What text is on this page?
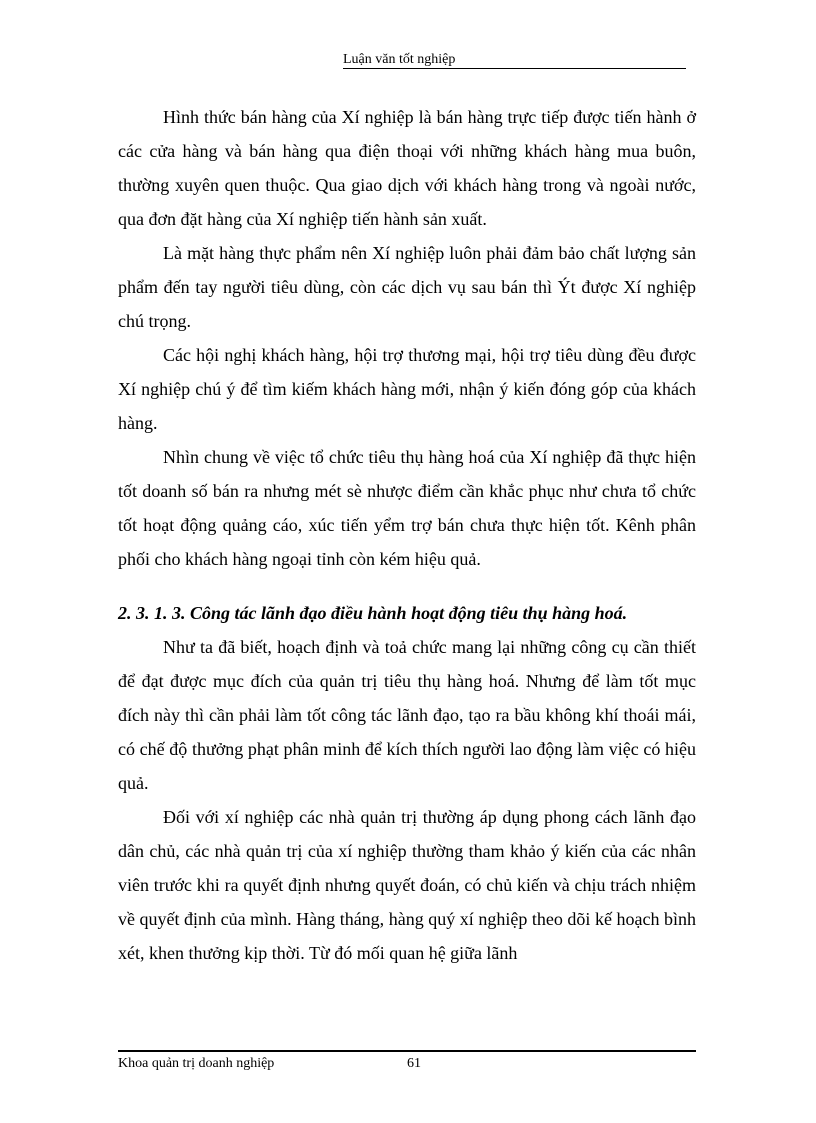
Luận văn tốt nghiệp

Hình thức bán hàng của Xí nghiệp là bán hàng trực tiếp được tiến hành ở các cửa hàng và bán hàng qua điện thoại với những khách hàng mua buôn, thường xuyên quen thuộc. Qua giao dịch với khách hàng trong và ngoài nước, qua đơn đặt hàng của Xí nghiệp tiến hành sản xuất.

Là mặt hàng thực phẩm nên Xí nghiệp luôn phải đảm bảo chất lượng sản phẩm đến tay người tiêu dùng, còn các dịch vụ sau bán thì Ýt được Xí nghiệp chú trọng.

Các hội nghị khách hàng, hội trợ thương mại, hội trợ tiêu dùng đều được Xí nghiệp chú ý để tìm kiếm khách hàng mới, nhận ý kiến đóng góp của khách hàng.

Nhìn chung về việc tổ chức tiêu thụ hàng hoá của Xí nghiệp đã thực hiện tốt doanh số bán ra nhưng mét sè nhược điểm cần khắc phục như chưa tổ chức tốt hoạt động quảng cáo, xúc tiến yểm trợ bán chưa thực hiện tốt. Kênh phân phối cho khách hàng ngoại tỉnh còn kém hiệu quả.

2. 3. 1. 3. Công tác lãnh đạo điều hành hoạt động tiêu thụ hàng hoá.

Như ta đã biết, hoạch định và toả chức mang lại những công cụ cần thiết để đạt được mục đích của quản trị tiêu thụ hàng hoá. Nhưng để làm tốt mục đích này thì cần phải làm tốt công tác lãnh đạo, tạo ra bầu không khí thoái mái, có chế độ thưởng phạt phân minh để kích thích người lao động làm việc có hiệu quả.

Đối với xí nghiệp các nhà quản trị thường áp dụng phong cách lãnh đạo dân chủ, các nhà quản trị của xí nghiệp thường tham khảo ý kiến của các nhân viên trước khi ra quyết định nhưng quyết đoán, có chủ kiến và chịu trách nhiệm về quyết định của mình. Hàng tháng, hàng quý xí nghiệp theo dõi kế hoạch bình xét, khen thưởng kịp thời. Từ đó mối quan hệ giữa lãnh

Khoa quản trị doanh nghiệp	61
